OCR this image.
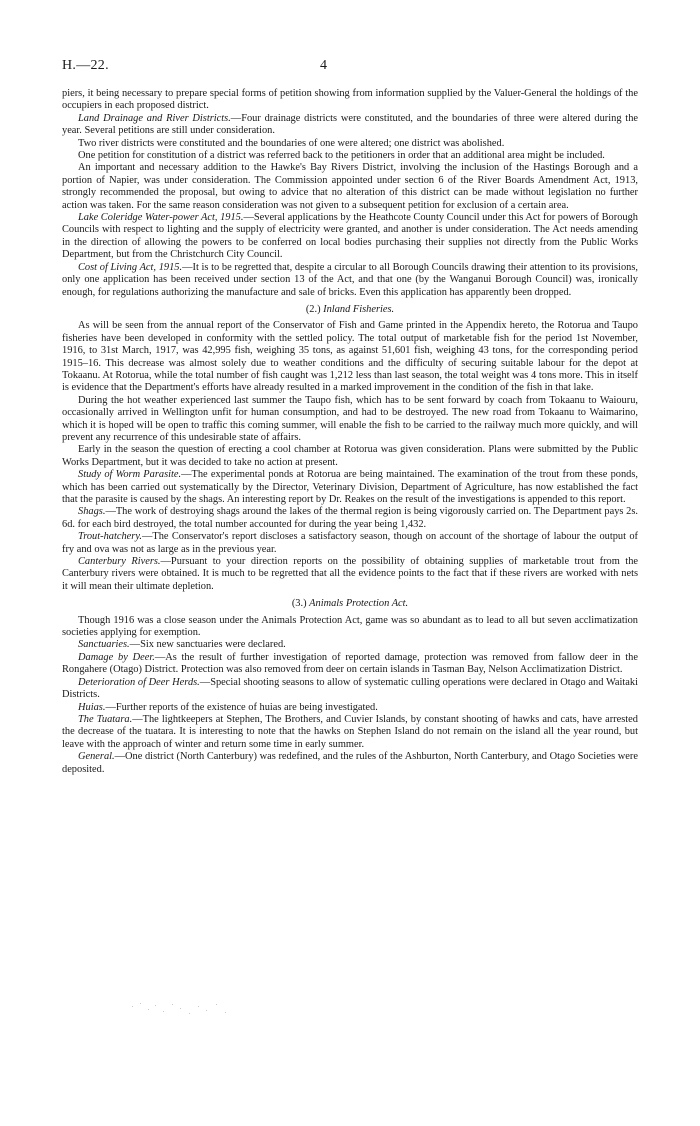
H.—22.	4

piers, it being necessary to prepare special forms of petition showing from information supplied by the Valuer-General the holdings of the occupiers in each proposed district.

Land Drainage and River Districts.—Four drainage districts were constituted, and the boundaries of three were altered during the year. Several petitions are still under consideration.

Two river districts were constituted and the boundaries of one were altered; one district was abolished.

One petition for constitution of a district was referred back to the petitioners in order that an additional area might be included.

An important and necessary addition to the Hawke's Bay Rivers District, involving the inclusion of the Hastings Borough and a portion of Napier, was under consideration. The Commission appointed under section 6 of the River Boards Amendment Act, 1913, strongly recommended the proposal, but owing to advice that no alteration of this district can be made without legislation no further action was taken. For the same reason consideration was not given to a subsequent petition for exclusion of a certain area.

Lake Coleridge Water-power Act, 1915.—Several applications by the Heathcote County Council under this Act for powers of Borough Councils with respect to lighting and the supply of electricity were granted, and another is under consideration. The Act needs amending in the direction of allowing the powers to be conferred on local bodies purchasing their supplies not directly from the Public Works Department, but from the Christchurch City Council.

Cost of Living Act, 1915.—It is to be regretted that, despite a circular to all Borough Councils drawing their attention to its provisions, only one application has been received under section 13 of the Act, and that one (by the Wanganui Borough Council) was, ironically enough, for regulations authorizing the manufacture and sale of bricks. Even this application has apparently been dropped.

(2.) Inland Fisheries.

As will be seen from the annual report of the Conservator of Fish and Game printed in the Appendix hereto, the Rotorua and Taupo fisheries have been developed in conformity with the settled policy. The total output of marketable fish for the period 1st November, 1916, to 31st March, 1917, was 42,995 fish, weighing 35 tons, as against 51,601 fish, weighing 43 tons, for the corresponding period 1915–16. This decrease was almost solely due to weather conditions and the difficulty of securing suitable labour for the depot at Tokaanu. At Rotorua, while the total number of fish caught was 1,212 less than last season, the total weight was 4 tons more. This in itself is evidence that the Department's efforts have already resulted in a marked improvement in the condition of the fish in that lake.

During the hot weather experienced last summer the Taupo fish, which has to be sent forward by coach from Tokaanu to Waiouru, occasionally arrived in Wellington unfit for human consumption, and had to be destroyed. The new road from Tokaanu to Waimarino, which it is hoped will be open to traffic this coming summer, will enable the fish to be carried to the railway much more quickly, and will prevent any recurrence of this undesirable state of affairs.

Early in the season the question of erecting a cool chamber at Rotorua was given consideration. Plans were submitted by the Public Works Department, but it was decided to take no action at present.

Study of Worm Parasite.—The experimental ponds at Rotorua are being maintained. The examination of the trout from these ponds, which has been carried out systematically by the Director, Veterinary Division, Department of Agriculture, has now established the fact that the parasite is caused by the shags. An interesting report by Dr. Reakes on the result of the investigations is appended to this report.

Shags.—The work of destroying shags around the lakes of the thermal region is being vigorously carried on. The Department pays 2s. 6d. for each bird destroyed, the total number accounted for during the year being 1,432.

Trout-hatchery.—The Conservator's report discloses a satisfactory season, though on account of the shortage of labour the output of fry and ova was not as large as in the previous year.

Canterbury Rivers.—Pursuant to your direction reports on the possibility of obtaining supplies of marketable trout from the Canterbury rivers were obtained. It is much to be regretted that all the evidence points to the fact that if these rivers are worked with nets it will mean their ultimate depletion.

(3.) Animals Protection Act.

Though 1916 was a close season under the Animals Protection Act, game was so abundant as to lead to all but seven acclimatization societies applying for exemption.

Sanctuaries.—Six new sanctuaries were declared.

Damage by Deer.—As the result of further investigation of reported damage, protection was removed from fallow deer in the Rongahere (Otago) District. Protection was also removed from deer on certain islands in Tasman Bay, Nelson Acclimatization District.

Deterioration of Deer Herds.—Special shooting seasons to allow of systematic culling operations were declared in Otago and Waitaki Districts.

Huias.—Further reports of the existence of huias are being investigated.

The Tuatara.—The lightkeepers at Stephen, The Brothers, and Cuvier Islands, by constant shooting of hawks and cats, have arrested the decrease of the tuatara. It is interesting to note that the hawks on Stephen Island do not remain on the island all the year round, but leave with the approach of winter and return some time in early summer.

General.—One district (North Canterbury) was redefined, and the rules of the Ashburton, North Canterbury, and Otago Societies were deposited.
